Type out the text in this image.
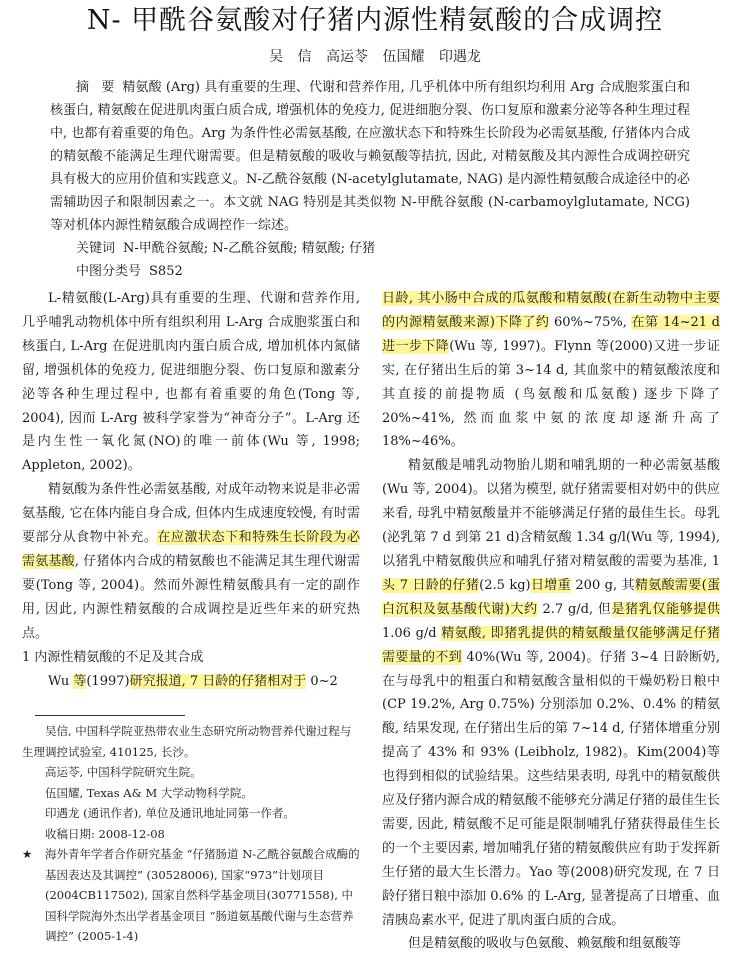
N- 甲酰谷氨酸对仔猪内源性精氨酸的合成调控
吴 信 高运苓 伍国耀 印遇龙

摘 要 精氨酸 (Arg) 具有重要的生理、代谢和营养作用, 几乎机体中所有组织均利用 Arg 合成胞浆蛋白和核蛋白, 精氨酸在促进肌肉蛋白质合成, 增强机体的免疫力, 促进细胞分裂、伤口复原和激素分泌等各种生理过程中, 也都有着重要的角色。Arg 为条件性必需氨基酸, 在应激状态下和特殊生长阶段为必需氨基酸, 仔猪体内合成的精氨酸不能满足生理代谢需要。但是精氨酸的吸收与赖氨酸等拮抗, 因此, 对精氨酸及其内源性合成调控研究具有极大的应用价值和实践意义。N-乙酰谷氨酸 (N-acetylglutamate, NAG) 是内源性精氨酸合成途径中的必需辅助因子和限制因素之一。本文就 NAG 特别是其类似物 N-甲酰谷氨酸 (N-carbamoylglutamate, NCG) 等对机体内源性精氨酸合成调控作一综述。

关键词 N-甲酰谷氨酸; N-乙酰谷氨酸; 精氨酸; 仔猪

中图分类号 S852

L-精氨酸(L-Arg)具有重要的生理、代谢和营养作用, 几乎哺乳动物机体中所有组织利用 L-Arg 合成胞浆蛋白和核蛋白, L-Arg 在促进肌肉内蛋白质合成, 增加机体内氮储留, 增强机体的免疫力, 促进细胞分裂、伤口复原和激素分泌等各种生理过程中, 也都有着重要的角色(Tong 等, 2004), 因而 L-Arg 被科学家誉为“神奇分子”。L-Arg 还是内生性一氧化氮(NO)的唯一前体(Wu 等, 1998; Appleton, 2002)。

精氨酸为条件性必需氨基酸, 对成年动物来说是非必需氨基酸, 它在体内能自身合成, 但体内生成速度较慢, 有时需要部分从食物中补充。在应激状态下和特殊生长阶段为必需氨基酸, 仔猪体内合成的精氨酸也不能满足其生理代谢需要(Tong 等, 2004)。然而外源性精氨酸具有一定的副作用, 因此, 内源性精氨酸的合成调控是近些年来的研究热点。

1 内源性精氨酸的不足及其合成

Wu 等(1997)研究报道, 7 日龄的仔猪相对于 0~2

日龄, 其小肠中合成的瓜氨酸和精氨酸(在新生动物中主要的内源精氨酸来源)下降了约 60%~75%, 在第 14~21 d 进一步下降(Wu 等, 1997)。Flynn 等(2000)又进一步证实, 在仔猪出生后的第 3~14 d, 其血浆中的精氨酸浓度和其直接的前提物质 (鸟氨酸和瓜氨酸) 逐步下降了 20%~41%, 然而血浆中氨的浓度却逐渐升高了 18%~46%。

精氨酸是哺乳动物胎儿期和哺乳期的一种必需氨基酸(Wu 等, 2004)。以猪为模型, 就仔猪需要相对奶中的供应来看, 母乳中精氨酸量并不能够满足仔猪的最佳生长。母乳(泌乳第 7 d 到第 21 d)含精氨酸 1.34 g/l(Wu 等, 1994), 以猪乳中精氨酸供应和哺乳仔猪对精氨酸的需要为基准, 1 头 7 日龄的仔猪(2.5 kg)日增重 200 g, 其精氨酸需要(蛋白沉积及氨基酸代谢)大约 2.7 g/d, 但是猪乳仅能够提供 1.06 g/d 精氨酸, 即猪乳提供的精氨酸量仅能够满足仔猪需要量的不到 40%(Wu 等, 2004)。仔猪 3~4 日龄断奶, 在与母乳中的粗蛋白和精氨酸含量相似的干燥奶粉日粮中 (CP 19.2%, Arg 0.75%) 分别添加 0.2%、0.4% 的精氨酸, 结果发现, 在仔猪出生后的第 7~14 d, 仔猪体增重分别提高了 43% 和 93% (Leibholz, 1982)。Kim(2004)等也得到相似的试验结果。这些结果表明, 母乳中的精氨酸供应及仔猪内源合成的精氨酸不能够充分满足仔猪的最佳生长需要, 因此, 精氨酸不足可能是限制哺乳仔猪获得最佳生长的一个主要因素, 增加哺乳仔猪的精氨酸供应有助于发挥新生仔猪的最大生长潜力。Yao 等(2008)研究发现, 在 7 日龄仔猪日粮中添加 0.6% 的 L-Arg, 显著提高了日增重、血清胰岛素水平, 促进了肌肉蛋白质的合成。

但是精氨酸的吸收与色氨酸、赖氨酸和组氨酸等

吴信, 中国科学院亚热带农业生态研究所动物营养代谢过程与生理调控试验室, 410125, 长沙。

高运苓, 中国科学院研究生院。

伍国耀, Texas A& M 大学动物科学院。

印遇龙 (通讯作者), 单位及通讯地址同第一作者。

收稿日期: 2008-12-08

★ 海外青年学者合作研究基金 “仔猪肠道 N-乙酰谷氨酸合成酶的基因表达及其调控” (30528006), 国家“973”计划项目(2004CB117502), 国家自然科学基金项目(30771558), 中国科学院海外杰出学者基金项目 “肠道氨基酸代谢与生态营养调控” (2005-1-4)
